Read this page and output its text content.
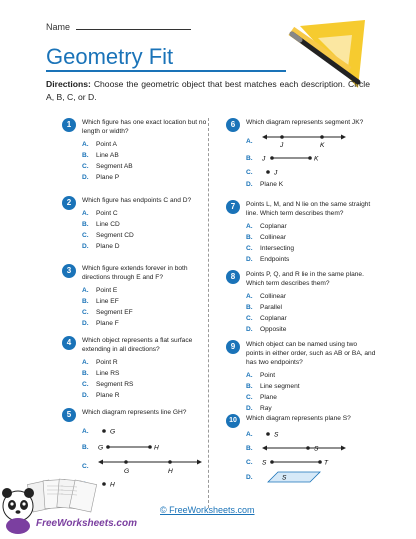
Name
Geometry Fit
Directions: Choose the geometric object that best matches each description. Circle A, B, C, or D.
1	Which figure has one exact location but no length or width?
A.	Point A
B.	Line AB
C.	Segment AB
D.	Plane P
2	Which figure has endpoints C and D?
A.	Point C
B.	Line CD
C.	Segment CD
D.	Plane D
3	Which figure extends forever in both directions through E and F?
A.	Point E
B.	Line EF
C.	Segment EF
D.	Plane F
4	Which object represents a flat surface extending in all directions?
A.	Point R
B.	Line RS
C.	Segment RS
D.	Plane R
5	Which diagram represents line GH?
A.	G
B.	G	H
C.
G	H
H
6	Which diagram represents segment JK?
A.
J	K
B.	J	K
C.	J
D.	Plane K
7	Points L, M, and N lie on the same straight line. Which term describes them?
A.	Coplanar
B.	Collinear
C.	Intersecting
D.	Endpoints
8	Points P, Q, and R lie in the same plane. Which term describes them?
A.	Collinear
B.	Parallel
C.	Coplanar
D.	Opposite
9	Which object can be named using two points in either order, such as AB or BA, and has two endpoints?
A.	Point
B.	Line segment
C.	Plane
D.	Ray
10	Which diagram represents plane S?
A.	S
B.	S
C.	S	T
D.	S
FreeWorksheets.com
© FreeWorksheets.com
